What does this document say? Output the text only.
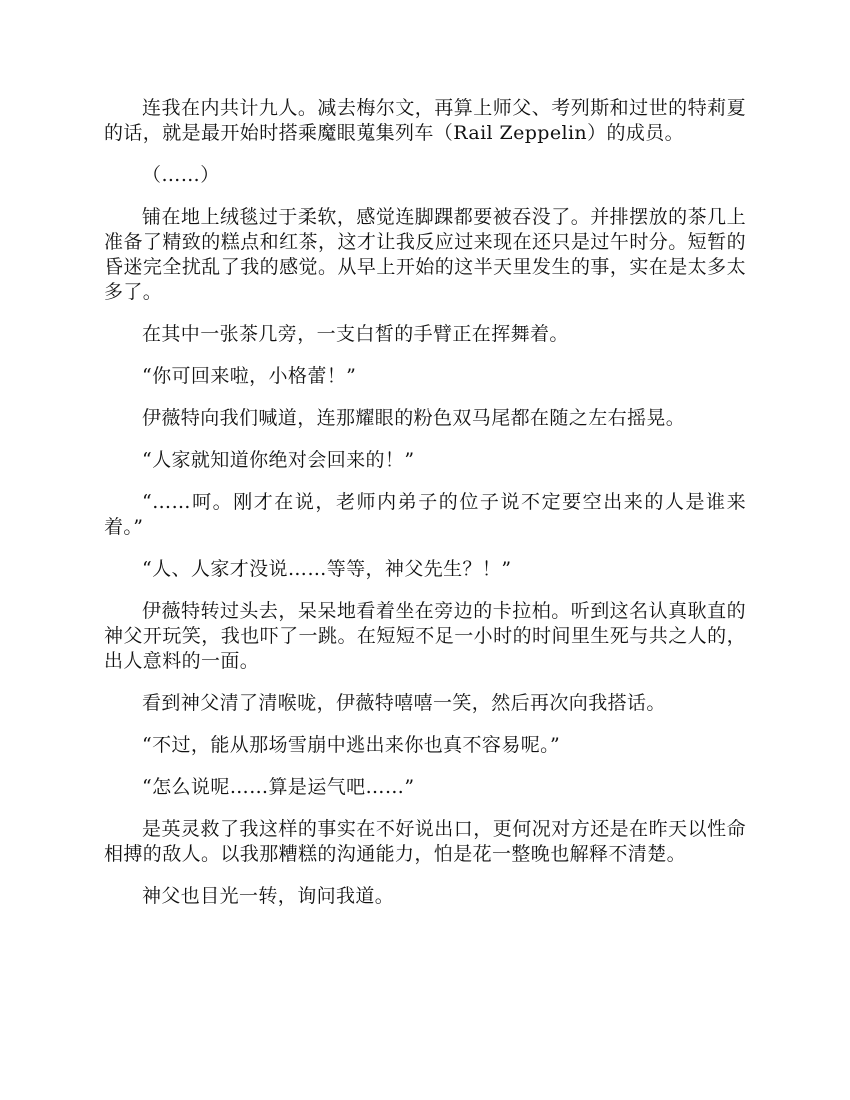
连我在内共计九人。减去梅尔文，再算上师父、考列斯和过世的特莉夏的话，就是最开始时搭乘魔眼蒐集列车（Rail Zeppelin）的成员。

（……）

铺在地上绒毯过于柔软，感觉连脚踝都要被吞没了。并排摆放的茶几上准备了精致的糕点和红茶，这才让我反应过来现在还只是过午时分。短暂的昏迷完全扰乱了我的感觉。从早上开始的这半天里发生的事，实在是太多太多了。

在其中一张茶几旁，一支白皙的手臂正在挥舞着。

“你可回来啦，小格蕾！”

伊薇特向我们喊道，连那耀眼的粉色双马尾都在随之左右摇晃。

“人家就知道你绝对会回来的！”

“……呵。刚才在说，老师内弟子的位子说不定要空出来的人是谁来着。”

“人、人家才没说……等等，神父先生？！”

伊薇特转过头去，呆呆地看着坐在旁边的卡拉柏。听到这名认真耿直的神父开玩笑，我也吓了一跳。在短短不足一小时的时间里生死与共之人的，出人意料的一面。

看到神父清了清喉咙，伊薇特嘻嘻一笑，然后再次向我搭话。

“不过，能从那场雪崩中逃出来你也真不容易呢。”

“怎么说呢……算是运气吧……”

是英灵救了我这样的事实在不好说出口，更何况对方还是在昨天以性命相搏的敌人。以我那糟糕的沟通能力，怕是花一整晚也解释不清楚。

神父也目光一转，询问我道。
